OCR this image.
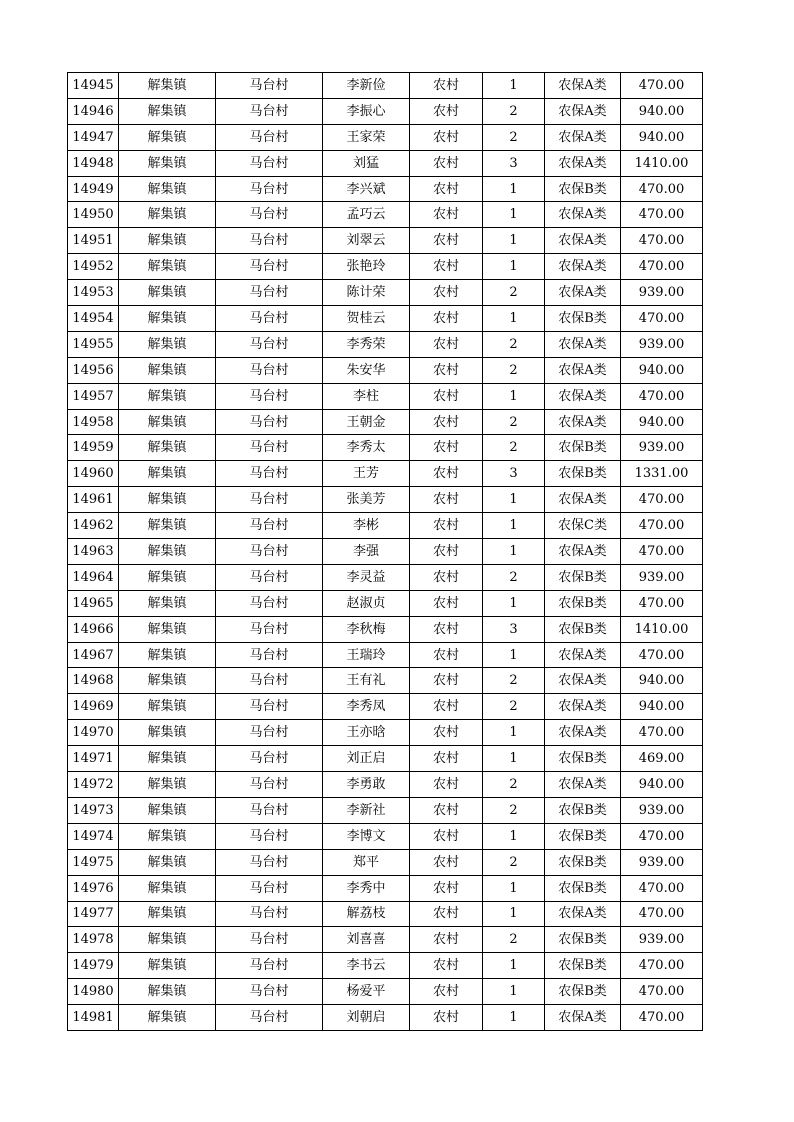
14945	解集镇	马台村	李新俭	农村	1	农保A类	470.00
14946	解集镇	马台村	李振心	农村	2	农保A类	940.00
14947	解集镇	马台村	王家荣	农村	2	农保A类	940.00
14948	解集镇	马台村	刘猛	农村	3	农保A类	1410.00
14949	解集镇	马台村	李兴斌	农村	1	农保B类	470.00
14950	解集镇	马台村	孟巧云	农村	1	农保A类	470.00
14951	解集镇	马台村	刘翠云	农村	1	农保A类	470.00
14952	解集镇	马台村	张艳玲	农村	1	农保A类	470.00
14953	解集镇	马台村	陈计荣	农村	2	农保A类	939.00
14954	解集镇	马台村	贺桂云	农村	1	农保B类	470.00
14955	解集镇	马台村	李秀荣	农村	2	农保A类	939.00
14956	解集镇	马台村	朱安华	农村	2	农保A类	940.00
14957	解集镇	马台村	李柱	农村	1	农保A类	470.00
14958	解集镇	马台村	王朝金	农村	2	农保A类	940.00
14959	解集镇	马台村	李秀太	农村	2	农保B类	939.00
14960	解集镇	马台村	王芳	农村	3	农保B类	1331.00
14961	解集镇	马台村	张美芳	农村	1	农保A类	470.00
14962	解集镇	马台村	李彬	农村	1	农保C类	470.00
14963	解集镇	马台村	李强	农村	1	农保A类	470.00
14964	解集镇	马台村	李灵益	农村	2	农保B类	939.00
14965	解集镇	马台村	赵淑贞	农村	1	农保B类	470.00
14966	解集镇	马台村	李秋梅	农村	3	农保B类	1410.00
14967	解集镇	马台村	王瑞玲	农村	1	农保A类	470.00
14968	解集镇	马台村	王有礼	农村	2	农保A类	940.00
14969	解集镇	马台村	李秀凤	农村	2	农保A类	940.00
14970	解集镇	马台村	王亦晗	农村	1	农保A类	470.00
14971	解集镇	马台村	刘正启	农村	1	农保B类	469.00
14972	解集镇	马台村	李勇敢	农村	2	农保A类	940.00
14973	解集镇	马台村	李新社	农村	2	农保B类	939.00
14974	解集镇	马台村	李博文	农村	1	农保B类	470.00
14975	解集镇	马台村	郑平	农村	2	农保B类	939.00
14976	解集镇	马台村	李秀中	农村	1	农保B类	470.00
14977	解集镇	马台村	解荔枝	农村	1	农保A类	470.00
14978	解集镇	马台村	刘喜喜	农村	2	农保B类	939.00
14979	解集镇	马台村	李书云	农村	1	农保B类	470.00
14980	解集镇	马台村	杨爱平	农村	1	农保B类	470.00
14981	解集镇	马台村	刘朝启	农村	1	农保A类	470.00
